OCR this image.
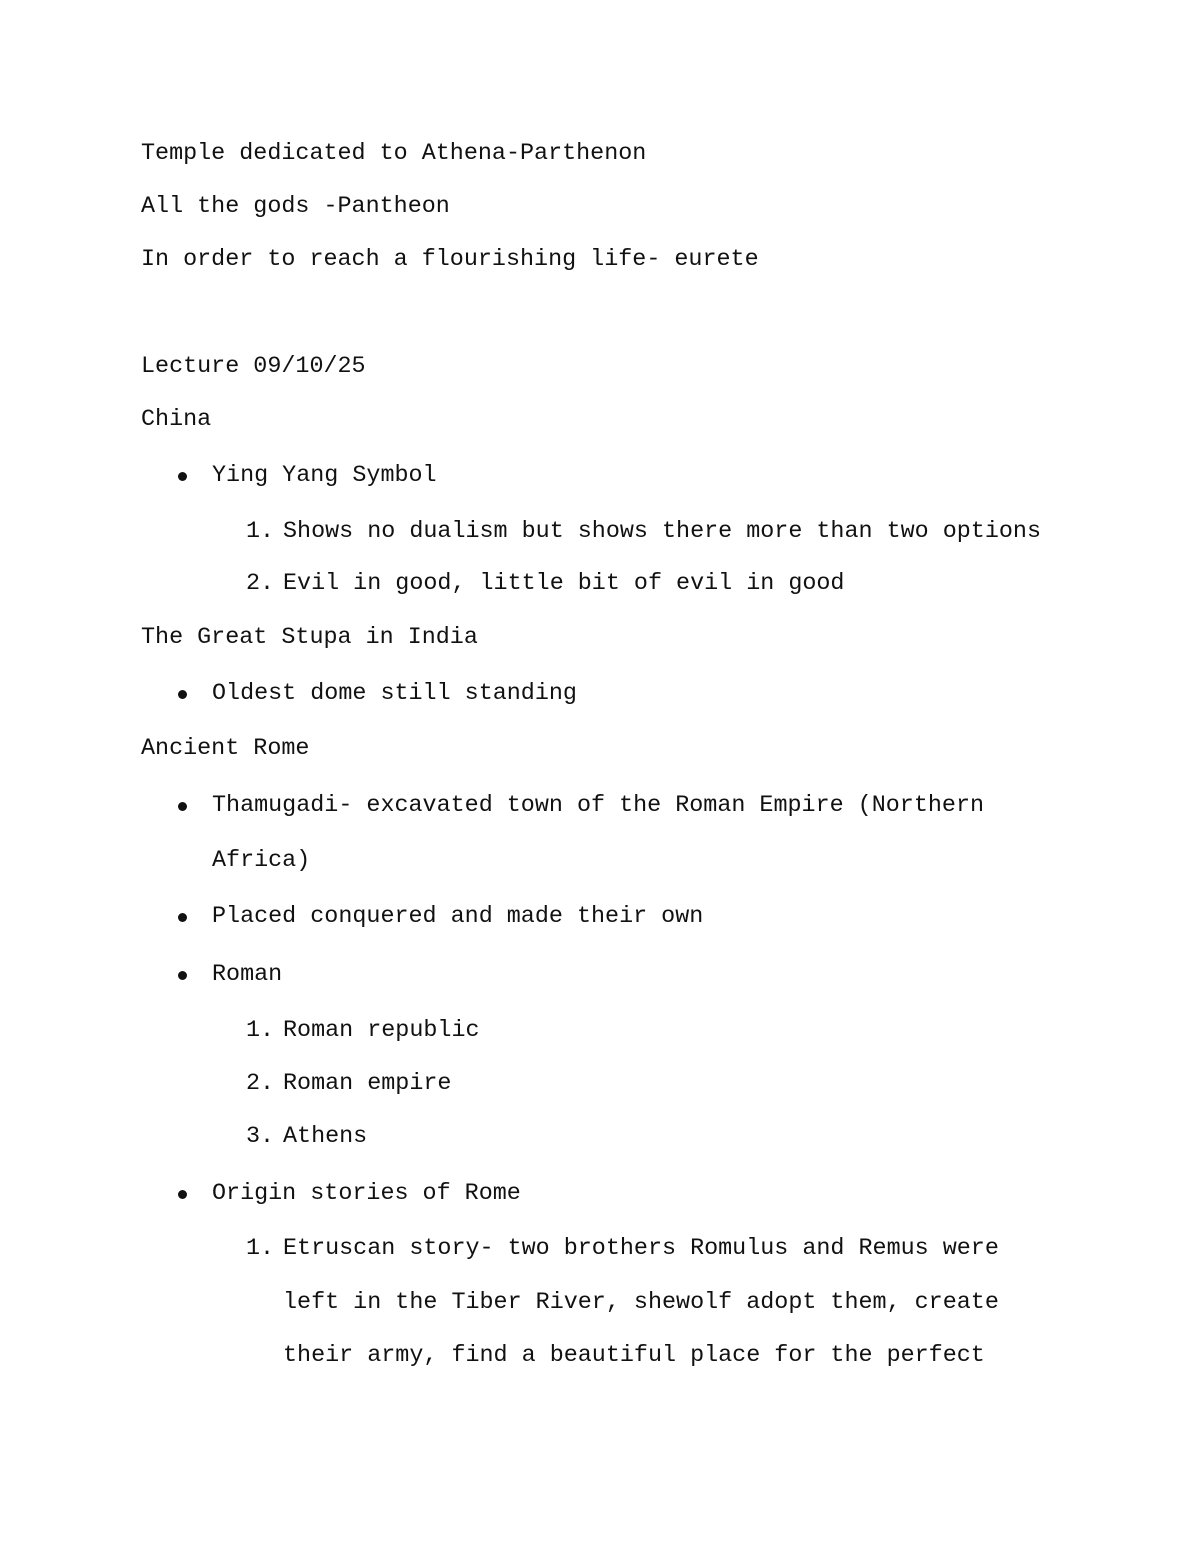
Temple dedicated to Athena-Parthenon

All the gods -Pantheon

In order to reach a flourishing life- eurete

Lecture 09/10/25

China

Ying Yang Symbol

1.

Shows no dualism but shows there more than two options

2.

Evil in good, little bit of evil in good

The Great Stupa in India

Oldest dome still standing

Ancient Rome

Thamugadi- excavated town of the Roman Empire (Northern

Africa)

Placed conquered and made their own

Roman

1.

Roman republic

2.

Roman empire

3.

Athens

Origin stories of Rome

1.

Etruscan story- two brothers Romulus and Remus were

left in the Tiber River, shewolf adopt them, create

their army, find a beautiful place for the perfect
